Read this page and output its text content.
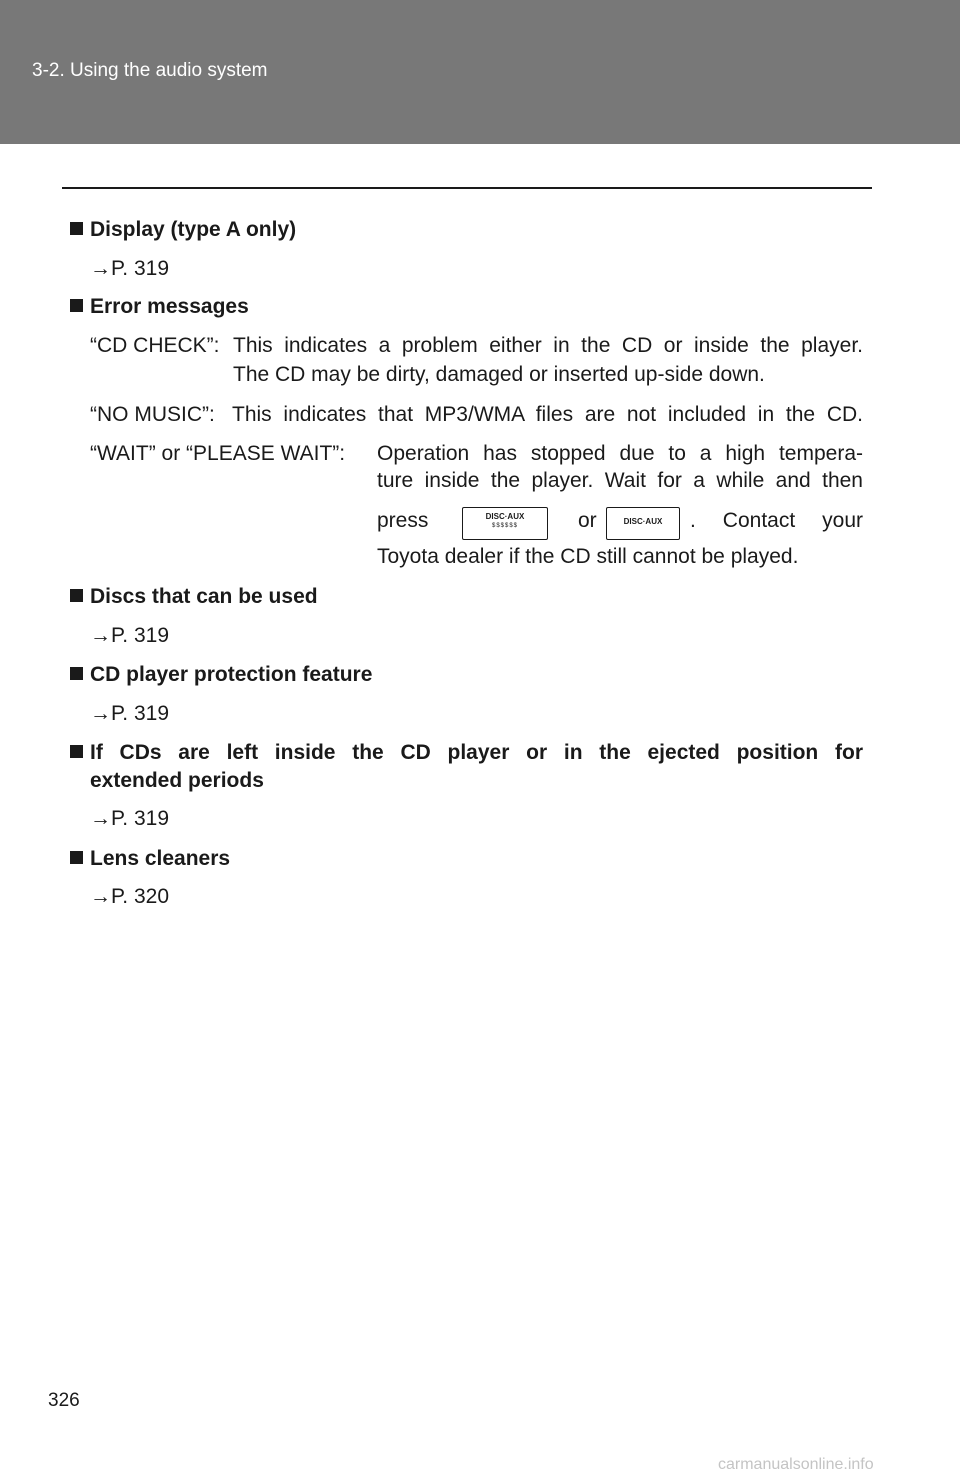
3-2. Using the audio system
Display (type A only)
→P. 319
Error messages
“CD CHECK”: This indicates a problem either in the CD or inside the player.
The CD may be dirty, damaged or inserted up-side down.
“NO MUSIC”: This indicates that MP3/WMA files are not included in the CD.
“WAIT” or “PLEASE WAIT”: Operation has stopped due to a high tempera-
ture inside the player. Wait for a while and then
press	DISC·AUX
$$$$$$	or	DISC·AUX	. Contact your
Toyota dealer if the CD still cannot be played.
Discs that can be used
→P. 319
CD player protection feature
→P. 319
If CDs are left inside the CD player or in the ejected position for
extended periods
→P. 319
Lens cleaners
→P. 320
326
carmanualsonline.info
